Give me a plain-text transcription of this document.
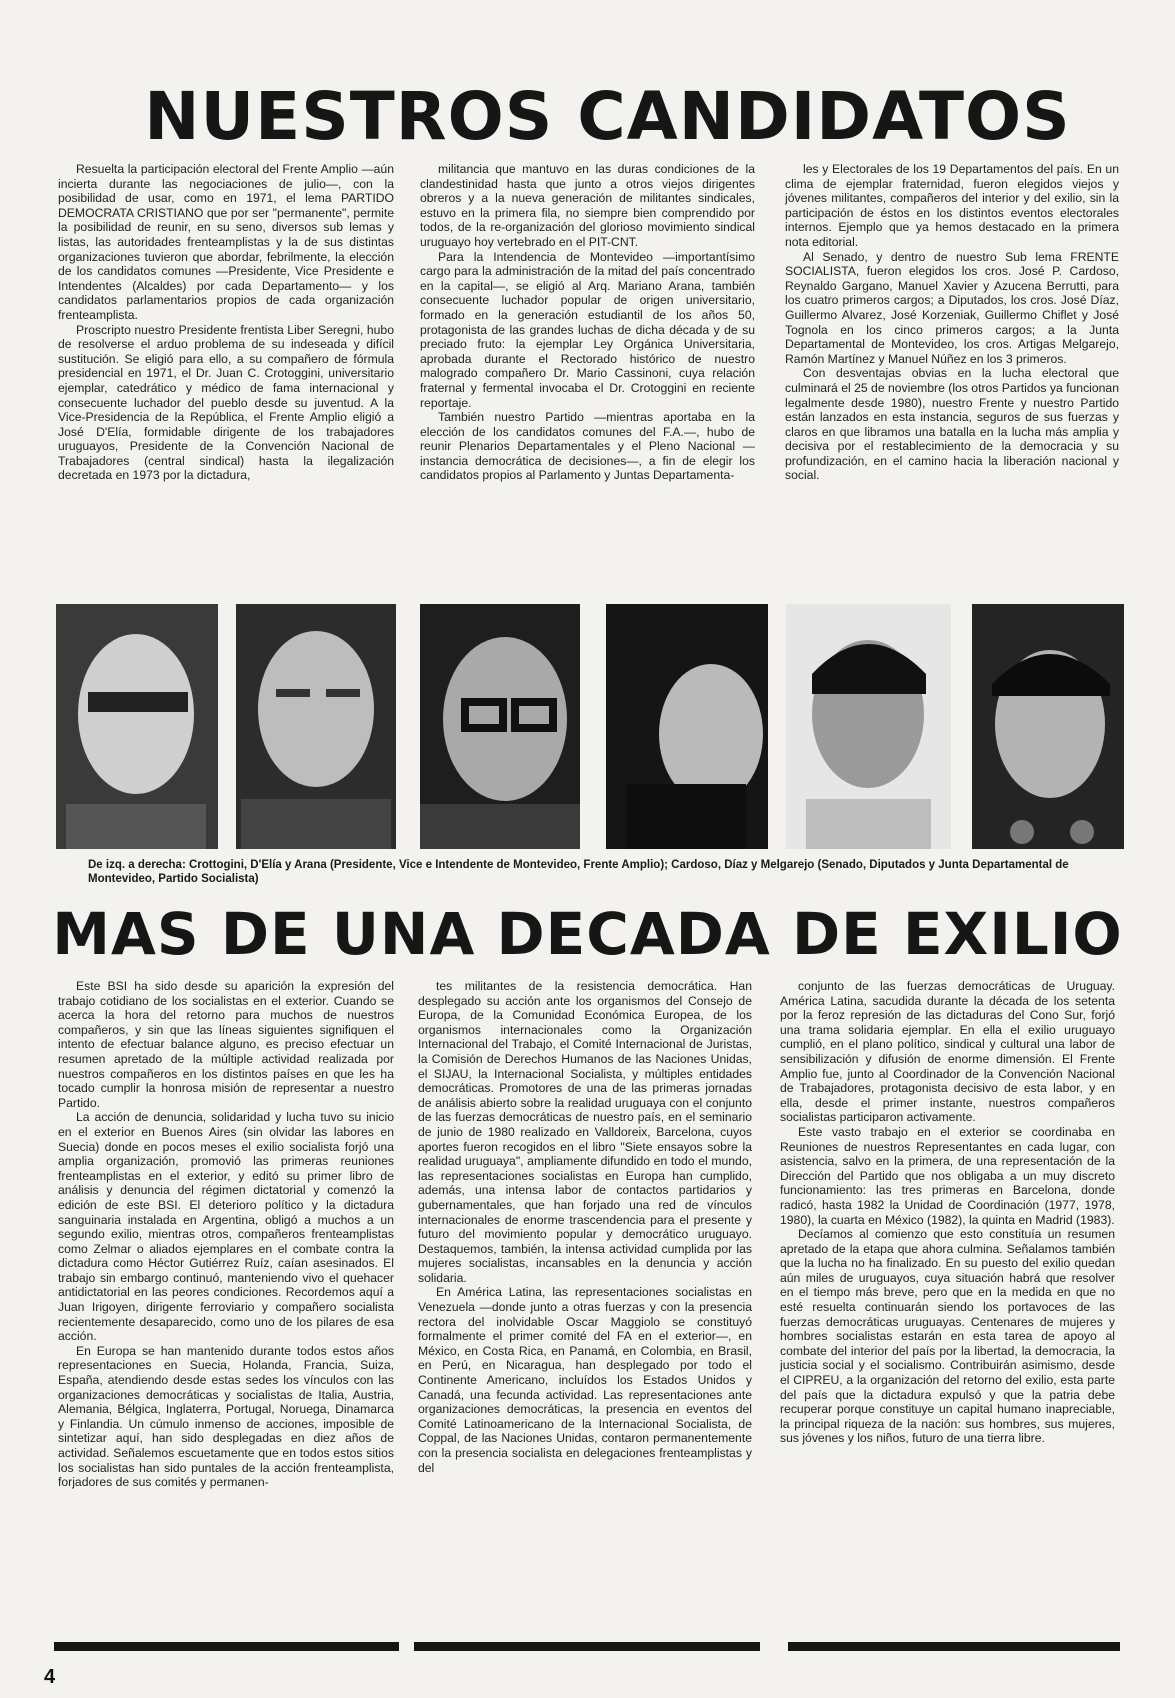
NUESTROS CANDIDATOS

Resuelta la participación electoral del Frente Amplio —aún incierta durante las negociaciones de julio—, con la posibilidad de usar, como en 1971, el lema PARTIDO DEMOCRATA CRISTIANO que por ser "permanente", permite la posibilidad de reunir, en su seno, diversos sub lemas y listas, las autoridades frenteamplistas y la de sus distintas organizaciones tuvieron que abordar, febrilmente, la elección de los candidatos comunes —Presidente, Vice Presidente e Intendentes (Alcaldes) por cada Departamento— y los candidatos parlamentarios propios de cada organización frenteamplista.

Proscripto nuestro Presidente frentista Liber Seregni, hubo de resolverse el arduo problema de su indeseada y difícil sustitución. Se eligió para ello, a su compañero de fórmula presidencial en 1971, el Dr. Juan C. Crotoggini, universitario ejemplar, catedrático y médico de fama internacional y consecuente luchador del pueblo desde su juventud. A la Vice-Presidencia de la República, el Frente Amplio eligió a José D'Elía, formidable dirigente de los trabajadores uruguayos, Presidente de la Convención Nacional de Trabajadores (central sindical) hasta la ilegalización decretada en 1973 por la dictadura,

militancia que mantuvo en las duras condiciones de la clandestinidad hasta que junto a otros viejos dirigentes obreros y a la nueva generación de militantes sindicales, estuvo en la primera fila, no siempre bien comprendido por todos, de la re-organización del glorioso movimiento sindical uruguayo hoy vertebrado en el PIT-CNT.

Para la Intendencia de Montevideo —importantísimo cargo para la administración de la mitad del país concentrado en la capital—, se eligió al Arq. Mariano Arana, también consecuente luchador popular de origen universitario, formado en la generación estudiantil de los años 50, protagonista de las grandes luchas de dicha década y de su preciado fruto: la ejemplar Ley Orgánica Universitaria, aprobada durante el Rectorado histórico de nuestro malogrado compañero Dr. Mario Cassinoni, cuya relación fraternal y fermental invocaba el Dr. Crotoggini en reciente reportaje.

También nuestro Partido —mientras aportaba en la elección de los candidatos comunes del F.A.—, hubo de reunir Plenarios Departamentales y el Pleno Nacional —instancia democrática de decisiones—, a fin de elegir los candidatos propios al Parlamento y Juntas Departamenta-

les y Electorales de los 19 Departamentos del país. En un clima de ejemplar fraternidad, fueron elegidos viejos y jóvenes militantes, compañeros del interior y del exilio, sin la participación de éstos en los distintos eventos electorales internos. Ejemplo que ya hemos destacado en la primera nota editorial.

Al Senado, y dentro de nuestro Sub lema FRENTE SOCIALISTA, fueron elegidos los cros. José P. Cardoso, Reynaldo Gargano, Manuel Xavier y Azucena Berrutti, para los cuatro primeros cargos; a Diputados, los cros. José Díaz, Guillermo Alvarez, José Korzeniak, Guillermo Chiflet y José Tognola en los cinco primeros cargos; a la Junta Departamental de Montevideo, los cros. Artigas Melgarejo, Ramón Martínez y Manuel Núñez en los 3 primeros.

Con desventajas obvias en la lucha electoral que culminará el 25 de noviembre (los otros Partidos ya funcionan legalmente desde 1980), nuestro Frente y nuestro Partido están lanzados en esta instancia, seguros de sus fuerzas y claros en que libramos una batalla en la lucha más amplia y decisiva por el restablecimiento de la democracia y su profundización, en el camino hacia la liberación nacional y social.

De izq. a derecha: Crottogini, D'Elía y Arana (Presidente, Vice e Intendente de Montevideo, Frente Amplio); Cardoso, Díaz y Melgarejo (Senado, Diputados y Junta Departamental de Montevideo, Partido Socialista)
MAS DE UNA DECADA DE EXILIO

Este BSI ha sido desde su aparición la expresión del trabajo cotidiano de los socialistas en el exterior. Cuando se acerca la hora del retorno para muchos de nuestros compañeros, y sin que las líneas siguientes signifiquen el intento de efectuar balance alguno, es preciso efectuar un resumen apretado de la múltiple actividad realizada por nuestros compañeros en los distintos países en que les ha tocado cumplir la honrosa misión de representar a nuestro Partido.

La acción de denuncia, solidaridad y lucha tuvo su inicio en el exterior en Buenos Aires (sin olvidar las labores en Suecia) donde en pocos meses el exilio socialista forjó una amplia organización, promovió las primeras reuniones frenteamplistas en el exterior, y editó su primer libro de análisis y denuncia del régimen dictatorial y comenzó la edición de este BSI. El deterioro político y la dictadura sanguinaria instalada en Argentina, obligó a muchos a un segundo exilio, mientras otros, compañeros frenteamplistas como Zelmar o aliados ejemplares en el combate contra la dictadura como Héctor Gutiérrez Ruíz, caían asesinados. El trabajo sin embargo continuó, manteniendo vivo el quehacer antidictatorial en las peores condiciones. Recordemos aquí a Juan Irigoyen, dirigente ferroviario y compañero socialista recientemente desaparecido, como uno de los pilares de esa acción.

En Europa se han mantenido durante todos estos años representaciones en Suecia, Holanda, Francia, Suiza, España, atendiendo desde estas sedes los vínculos con las organizaciones democráticas y socialistas de Italia, Austria, Alemania, Bélgica, Inglaterra, Portugal, Noruega, Dinamarca y Finlandia. Un cúmulo inmenso de acciones, imposible de sintetizar aquí, han sido desplegadas en diez años de actividad. Señalemos escuetamente que en todos estos sitios los socialistas han sido puntales de la acción frenteamplista, forjadores de sus comités y permanen-

tes militantes de la resistencia democrática. Han desplegado su acción ante los organismos del Consejo de Europa, de la Comunidad Económica Europea, de los organismos internacionales como la Organización Internacional del Trabajo, el Comité Internacional de Juristas, la Comisión de Derechos Humanos de las Naciones Unidas, el SIJAU, la Internacional Socialista, y múltiples entidades democráticas. Promotores de una de las primeras jornadas de análisis abierto sobre la realidad uruguaya con el conjunto de las fuerzas democráticas de nuestro país, en el seminario de junio de 1980 realizado en Valldoreix, Barcelona, cuyos aportes fueron recogidos en el libro "Siete ensayos sobre la realidad uruguaya", ampliamente difundido en todo el mundo, las representaciones socialistas en Europa han cumplido, además, una intensa labor de contactos partidarios y gubernamentales, que han forjado una red de vínculos internacionales de enorme trascendencia para el presente y futuro del movimiento popular y democrático uruguayo. Destaquemos, también, la intensa actividad cumplida por las mujeres socialistas, incansables en la denuncia y acción solidaria.

En América Latina, las representaciones socialistas en Venezuela —donde junto a otras fuerzas y con la presencia rectora del inolvidable Oscar Maggiolo se constituyó formalmente el primer comité del FA en el exterior—, en México, en Costa Rica, en Panamá, en Colombia, en Brasil, en Perú, en Nicaragua, han desplegado por todo el Continente Americano, incluídos los Estados Unidos y Canadá, una fecunda actividad. Las representaciones ante organizaciones democráticas, la presencia en eventos del Comité Latinoamericano de la Internacional Socialista, de Coppal, de las Naciones Unidas, contaron permanentemente con la presencia socialista en delegaciones frenteamplistas y del

conjunto de las fuerzas democráticas de Uruguay. América Latina, sacudida durante la década de los setenta por la feroz represión de las dictaduras del Cono Sur, forjó una trama solidaria ejemplar. En ella el exilio uruguayo cumplió, en el plano político, sindical y cultural una labor de sensibilización y difusión de enorme dimensión. El Frente Amplio fue, junto al Coordinador de la Convención Nacional de Trabajadores, protagonista decisivo de esta labor, y en ella, desde el primer instante, nuestros compañeros socialistas participaron activamente.

Este vasto trabajo en el exterior se coordinaba en Reuniones de nuestros Representantes en cada lugar, con asistencia, salvo en la primera, de una representación de la Dirección del Partido que nos obligaba a un muy discreto funcionamiento: las tres primeras en Barcelona, donde radicó, hasta 1982 la Unidad de Coordinación (1977, 1978, 1980), la cuarta en México (1982), la quinta en Madrid (1983).

Decíamos al comienzo que esto constituía un resumen apretado de la etapa que ahora culmina. Señalamos también que la lucha no ha finalizado. En su puesto del exilio quedan aún miles de uruguayos, cuya situación habrá que resolver en el tiempo más breve, pero que en la medida en que no esté resuelta continuarán siendo los portavoces de las fuerzas democráticas uruguayas. Centenares de mujeres y hombres socialistas estarán en esta tarea de apoyo al combate del interior del país por la libertad, la democracia, la justicia social y el socialismo. Contribuirán asimismo, desde el CIPREU, a la organización del retorno del exilio, esta parte del país que la dictadura expulsó y que la patria debe recuperar porque constituye un capital humano inapreciable, la principal riqueza de la nación: sus hombres, sus mujeres, sus jóvenes y los niños, futuro de una tierra libre.

4
